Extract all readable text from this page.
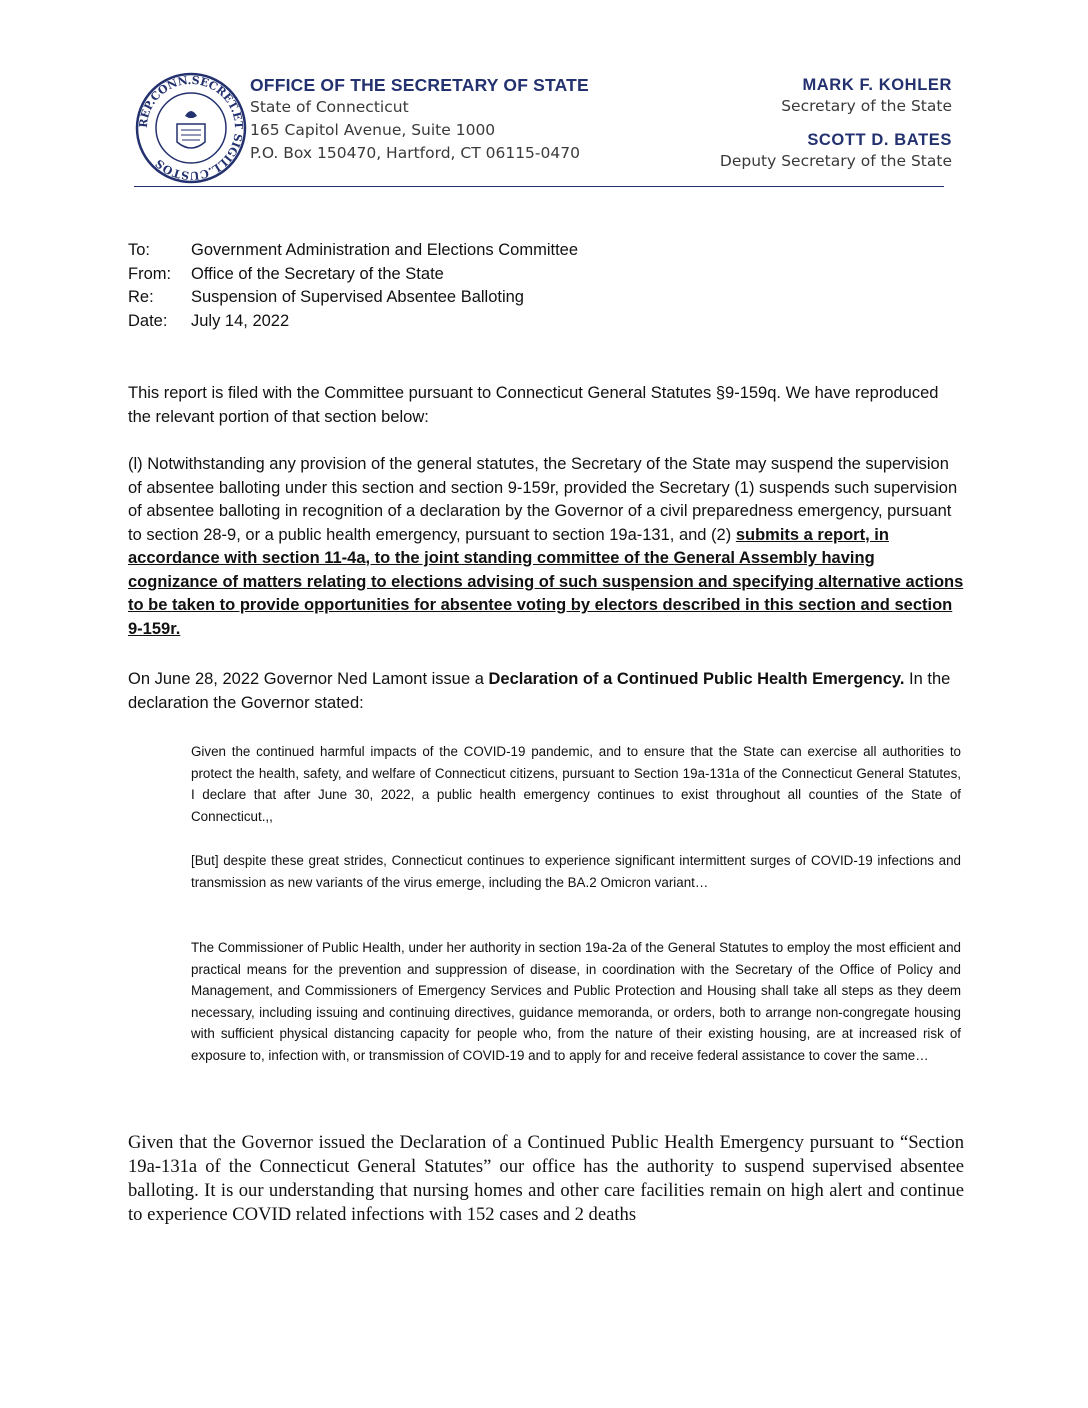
REP.CONN.SECRET.ET SIGILL.CUSTOS
OFFICE OF THE SECRETARY OF STATE
State of Connecticut
165 Capitol Avenue, Suite 1000
P.O. Box 150470, Hartford, CT 06115-0470
MARK F. KOHLER
Secretary of the State
SCOTT D. BATES
Deputy Secretary of the State
To:	Government Administration and Elections Committee
From:	Office of the Secretary of the State
Re:	Suspension of Supervised Absentee Balloting
Date:	July 14, 2022
This report is filed with the Committee pursuant to Connecticut General Statutes §9-159q. We have reproduced the relevant portion of that section below:
(l) Notwithstanding any provision of the general statutes, the Secretary of the State may suspend the supervision of absentee balloting under this section and section 9-159r, provided the Secretary (1) suspends such supervision of absentee balloting in recognition of a declaration by the Governor of a civil preparedness emergency, pursuant to section 28-9, or a public health emergency, pursuant to section 19a-131, and (2) submits a report, in accordance with section 11-4a, to the joint standing committee of the General Assembly having cognizance of matters relating to elections advising of such suspension and specifying alternative actions to be taken to provide opportunities for absentee voting by electors described in this section and section 9-159r.
On June 28, 2022 Governor Ned Lamont issue a Declaration of a Continued Public Health Emergency. In the declaration the Governor stated:
Given the continued harmful impacts of the COVID-19 pandemic, and to ensure that the State can exercise all authorities to protect the health, safety, and welfare of Connecticut citizens, pursuant to Section 19a-131a of the Connecticut General Statutes, I declare that after June 30, 2022, a public health emergency continues to exist throughout all counties of the State of Connecticut.,,
[But] despite these great strides, Connecticut continues to experience significant intermittent surges of COVID-19 infections and transmission as new variants of the virus emerge, including the BA.2 Omicron variant…
The Commissioner of Public Health, under her authority in section 19a-2a of the General Statutes to employ the most efficient and practical means for the prevention and suppression of disease, in coordination with the Secretary of the Office of Policy and Management, and Commissioners of Emergency Services and Public Protection and Housing shall take all steps as they deem necessary, including issuing and continuing directives, guidance memoranda, or orders, both to arrange non-congregate housing with sufficient physical distancing capacity for people who, from the nature of their existing housing, are at increased risk of exposure to, infection with, or transmission of COVID-19 and to apply for and receive federal assistance to cover the same…
Given that the Governor issued the Declaration of a Continued Public Health Emergency pursuant to “Section 19a-131a of the Connecticut General Statutes” our office has the authority to suspend supervised absentee balloting. It is our understanding that nursing homes and other care facilities remain on high alert and continue to experience COVID related infections with 152 cases and 2 deaths
